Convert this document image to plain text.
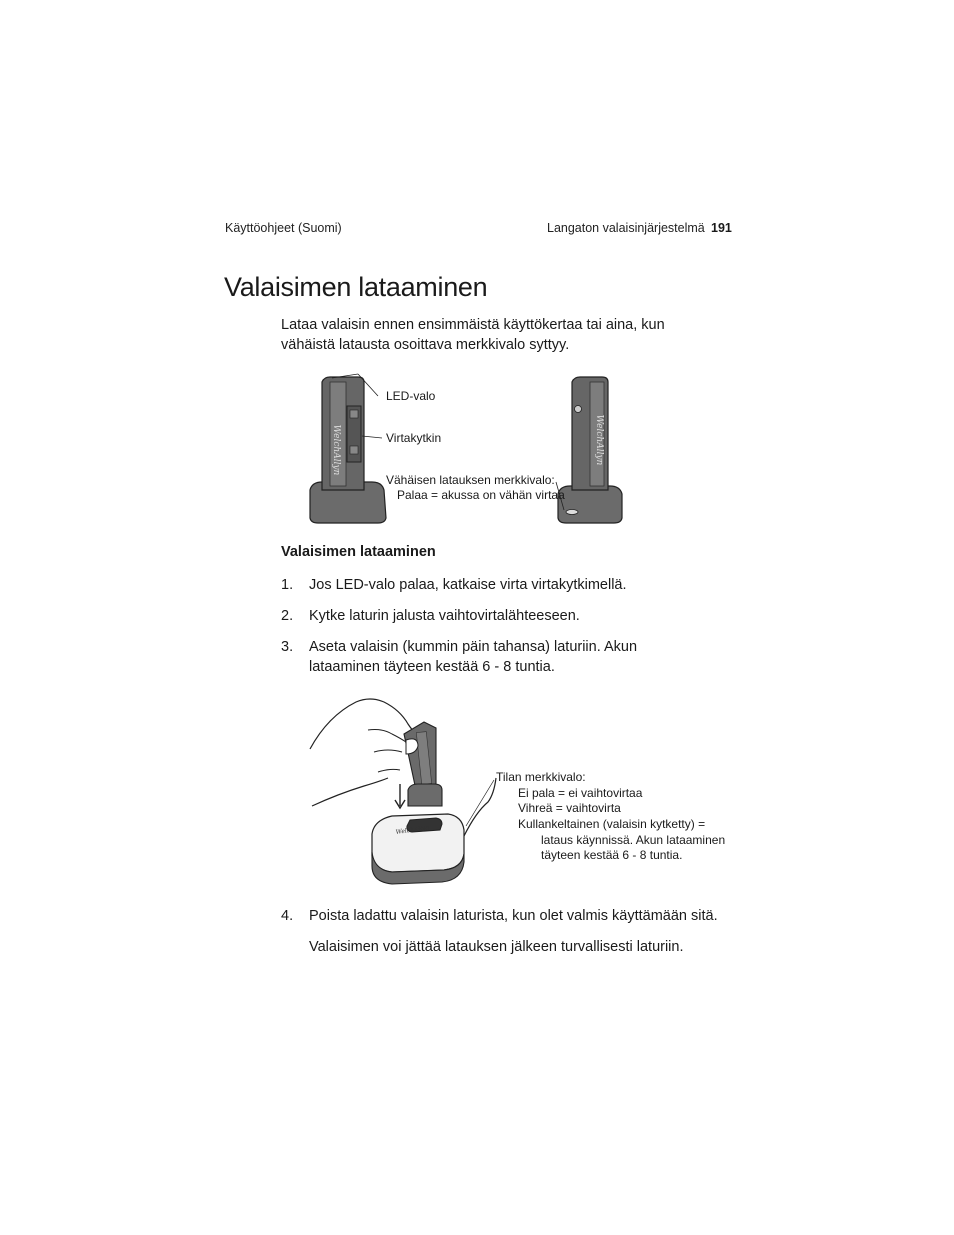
Käyttöohjeet (Suomi)	Langaton valaisinjärjestelmä 191
Valaisimen lataaminen

Lataa valaisin ennen ensimmäistä käyttökertaa tai aina, kun vähäistä latausta osoittava merkkivalo syttyy.

WelchAllyn	WelchAllyn
LED-valo
Virtakytkin
Vähäisen latauksen merkkivalo:
Palaa = akussa on vähän virtaa
Valaisimen lataaminen
1. Jos LED-valo palaa, katkaise virta virtakytkimellä.
2. Kytke laturin jalusta vaihtovirtalähteeseen.
3. Aseta valaisin (kummin päin tahansa) laturiin. Akun lataaminen täyteen kestää 6 - 8 tuntia.
WelchAllyn
Tilan merkkivalo:
Ei pala = ei vaihtovirtaa
Vihreä = vaihtovirta
Kullankeltainen (valaisin kytketty) =
lataus käynnissä. Akun lataaminen
täyteen kestää 6 - 8 tuntia.
4. Poista ladattu valaisin laturista, kun olet valmis käyttämään sitä.
Valaisimen voi jättää latauksen jälkeen turvallisesti laturiin.
